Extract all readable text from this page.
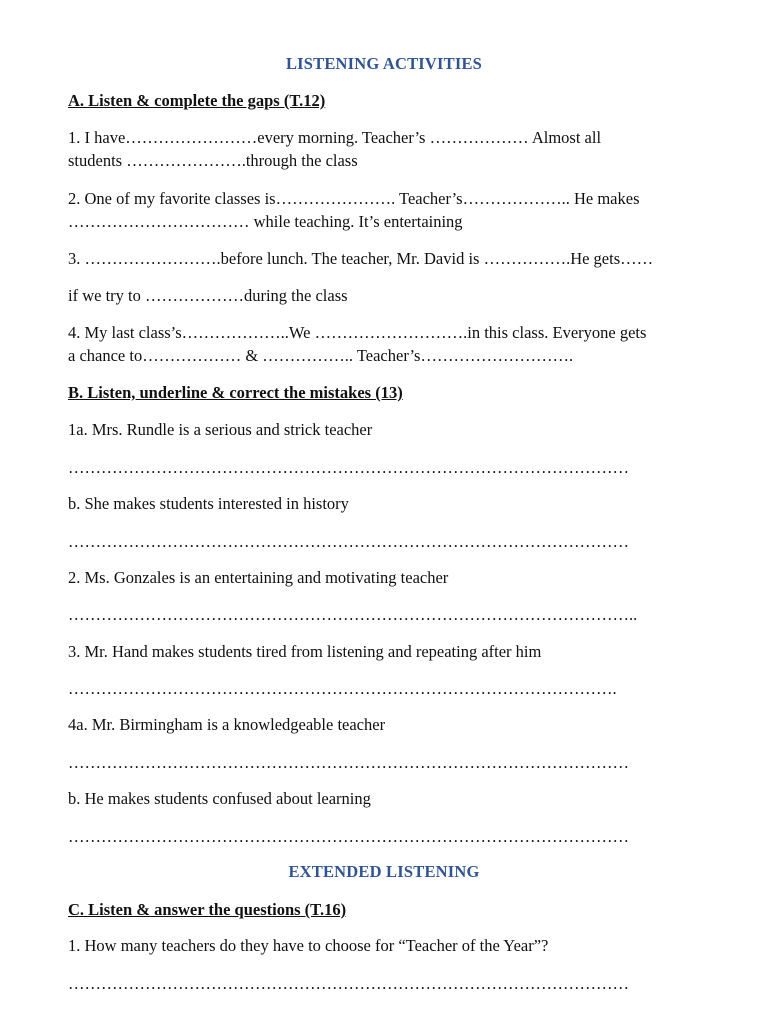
LISTENING ACTIVITIES
A. Listen & complete the gaps (T.12)
1. I have……………………every morning. Teacher’s ……………… Almost all
students ………………….through the class
2. One of my favorite classes is…………………. Teacher’s……………….. He makes
…………………………… while teaching. It’s entertaining
3. …………………….before lunch. The teacher, Mr. David is …………….He gets……
if we try to ………………during the class
4. My last class’s………………..We ……………………….in this class. Everyone gets
a chance to……………… & …………….. Teacher’s……………………….
B. Listen, underline & correct the mistakes (13)
1a. Mrs. Rundle is a serious and strick teacher
…………………………………………………………………………………………
b. She makes students interested in history
…………………………………………………………………………………………
2. Ms. Gonzales is an entertaining and motivating teacher
…………………………………………………………………………………………..
3. Mr. Hand makes students tired from listening and repeating after him
……………………………………………………………………………………….
4a. Mr. Birmingham is a knowledgeable teacher
…………………………………………………………………………………………
b. He makes students confused about learning
…………………………………………………………………………………………
EXTENDED LISTENING
C. Listen & answer the questions (T.16)
1. How many teachers do they have to choose for “Teacher of the Year”?
…………………………………………………………………………………………
